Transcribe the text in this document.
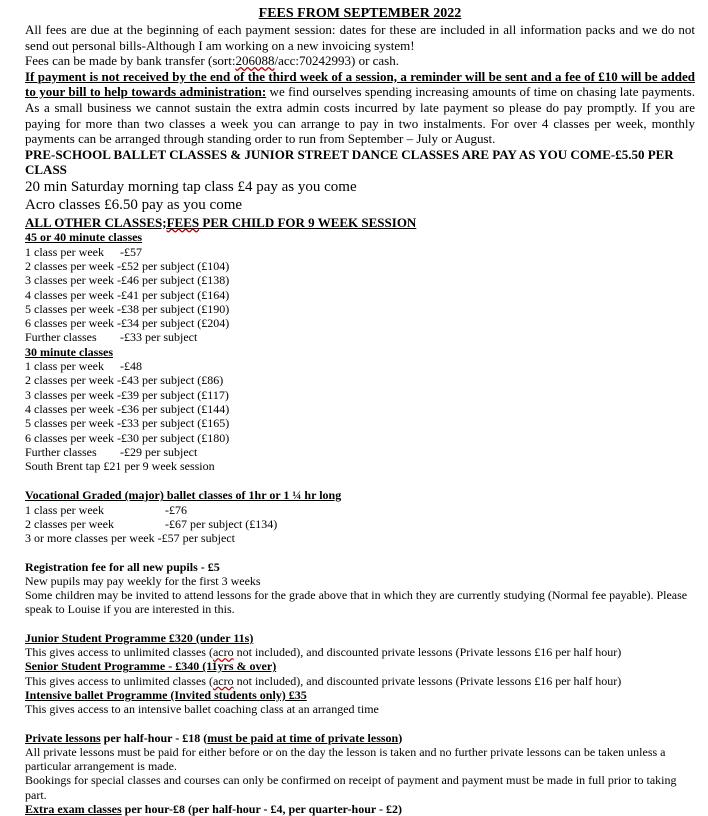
FEES FROM SEPTEMBER 2022

All fees are due at the beginning of each payment session: dates for these are included in all information packs and we do not send out personal bills-Although I am working on a new invoicing system!
Fees can be made by bank transfer (sort:206088/acc:70242993) or cash.

If payment is not received by the end of the third week of a session, a reminder will be sent and a fee of £10 will be added to your bill to help towards administration: we find ourselves spending increasing amounts of time on chasing late payments. As a small business we cannot sustain the extra admin costs incurred by late payment so please do pay promptly. If you are paying for more than two classes a week you can arrange to pay in two instalments. For over 4 classes per week, monthly payments can be arranged through standing order to run from September – July or August.

PRE-SCHOOL BALLET CLASSES & JUNIOR STREET DANCE CLASSES ARE PAY AS YOU COME-£5.50 PER CLASS

20 min Saturday morning tap class £4 pay as you come

Acro classes £6.50 pay as you come

ALL OTHER CLASSES;FEES PER CHILD FOR 9 WEEK SESSION

45 or 40 minute classes

1 class per week -£57

2 classes per week -£52 per subject (£104)

3 classes per week -£46 per subject (£138)

4 classes per week -£41 per subject (£164)

5 classes per week -£38 per subject (£190)

6 classes per week -£34 per subject (£204)

Further classes -£33 per subject

30 minute classes

1 class per week -£48

2 classes per week -£43 per subject (£86)

3 classes per week -£39 per subject (£117)

4 classes per week -£36 per subject (£144)

5 classes per week -£33 per subject (£165)

6 classes per week -£30 per subject (£180)

Further classes -£29 per subject

South Brent tap £21 per 9 week session

Vocational Graded (major) ballet classes of 1hr or 1 ¼ hr long

1 class per week	-£76

2 classes per week	-£67 per subject (£134)

3 or more classes per week -£57 per subject

Registration fee for all new pupils - £5

New pupils may pay weekly for the first 3 weeks

Some children may be invited to attend lessons for the grade above that in which they are currently studying (Normal fee payable). Please speak to Louise if you are interested in this.

Junior Student Programme £320 (under 11s)

This gives access to unlimited classes (acro not included), and discounted private lessons (Private lessons £16 per half hour)

Senior Student Programme - £340 (11yrs & over)

This gives access to unlimited classes (acro not included), and discounted private lessons (Private lessons £16 per half hour)

Intensive ballet Programme (Invited students only) £35

This gives access to an intensive ballet coaching class at an arranged time

Private lessons per half-hour - £18 (must be paid at time of private lesson)

All private lessons must be paid for either before or on the day the lesson is taken and no further private lessons can be taken unless a particular arrangement is made.

Bookings for special classes and courses can only be confirmed on receipt of payment and payment must be made in full prior to taking part.

Extra exam classes per hour-£8 (per half-hour - £4, per quarter-hour - £2)
